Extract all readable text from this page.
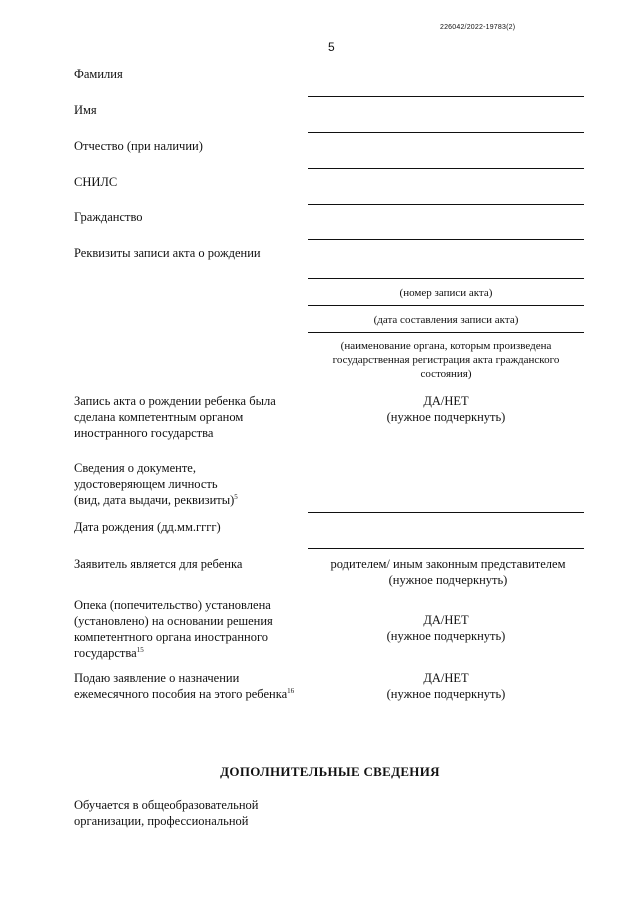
226042/2022-19783(2)
5
Фамилия
Имя
Отчество (при наличии)
СНИЛС
Гражданство
Реквизиты записи акта о рождении
(номер записи акта)
(дата составления записи акта)
(наименование органа, которым произведена
государственная регистрация акта гражданского
состояния)
Запись акта о рождении ребенка была
сделана компетентным органом
иностранного государства
ДА/НЕТ
(нужное подчеркнуть)
Сведения о документе,
удостоверяющем личность
(вид, дата выдачи, реквизиты)$^5$
Дата рождения (дд.мм.гггг)
Заявитель является для ребенка	родителем/ иным законным представителем
(нужное подчеркнуть)
Опека (попечительство) установлена
(установлено) на основании решения
компетентного органа иностранного
государства$^{15}$
ДА/НЕТ
(нужное подчеркнуть)
Подаю заявление о назначении
ежемесячного пособия на этого ребенка$^{16}$
ДА/НЕТ
(нужное подчеркнуть)
ДОПОЛНИТЕЛЬНЫЕ СВЕДЕНИЯ
Обучается в общеобразовательной
организации, профессиональной
